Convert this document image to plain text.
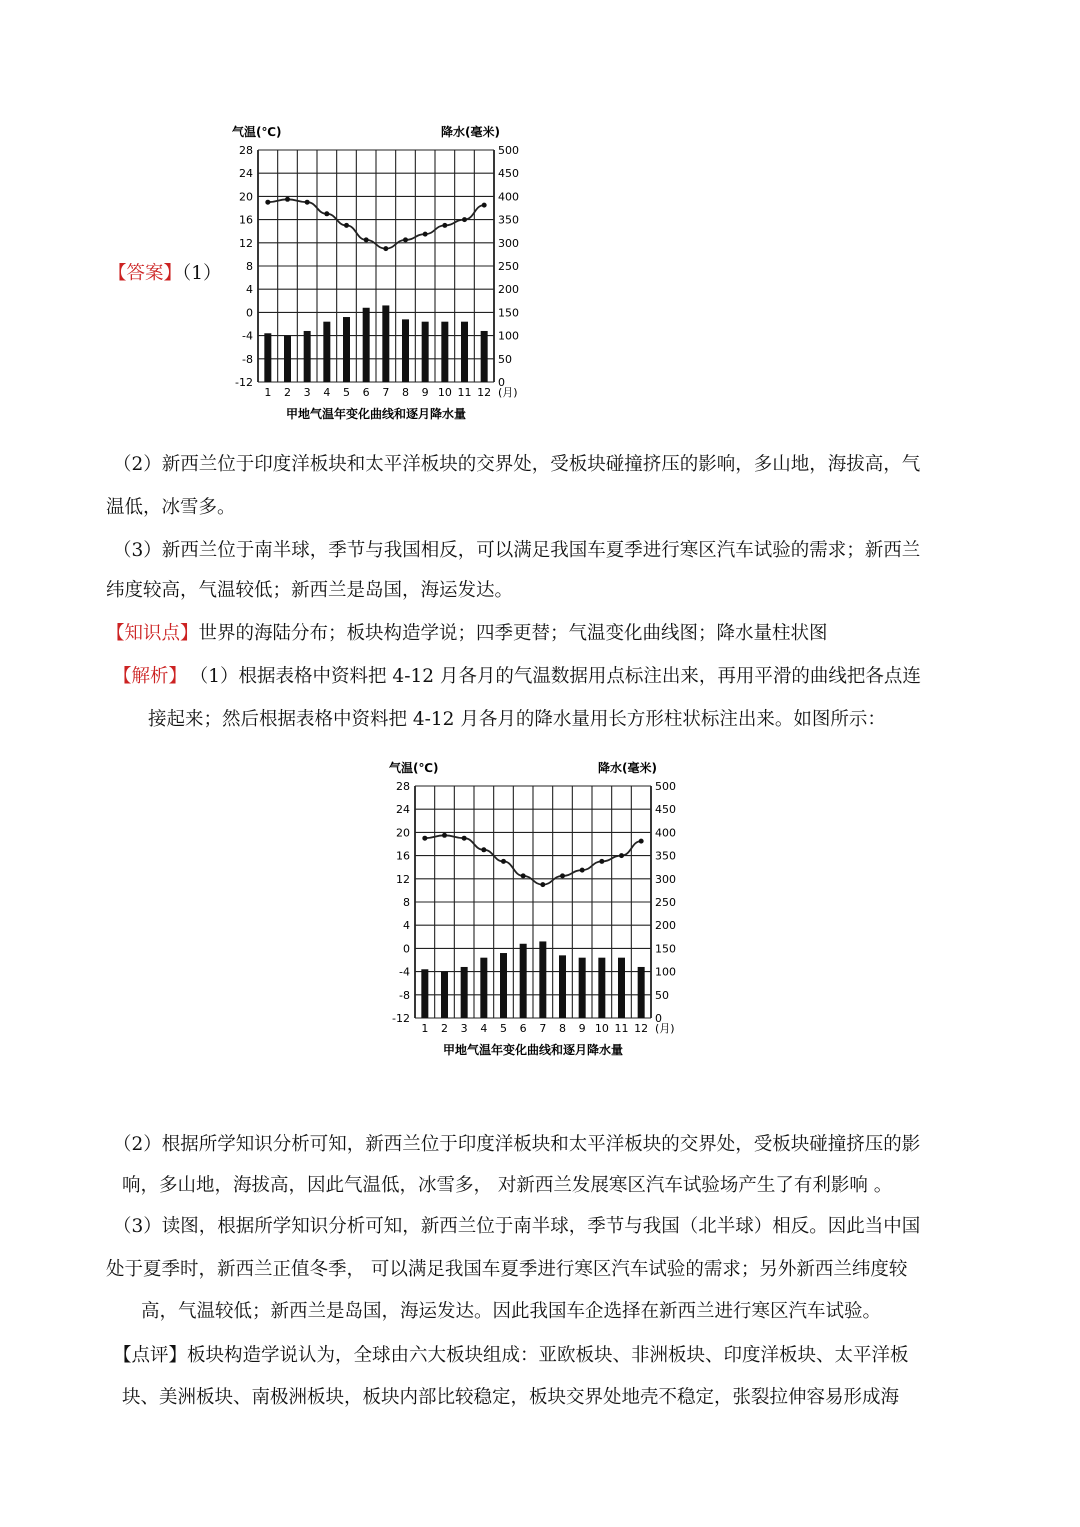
【答案】（1）
气温(℃)	降水(毫米)
28
24
20
16
12
8
4
0
-4
-8
-12
500
450
400
350
300
250
200
150
100
50
0
1 2 3 4 5 6 7 8 9 10 11 12 (月)
甲地气温年变化曲线和逐月降水量
（2）新西兰位于印度洋板块和太平洋板块的交界处，受板块碰撞挤压的影响，多山地，海拔高，气
温低，冰雪多。
（3）新西兰位于南半球，季节与我国相反，可以满足我国车夏季进行寒区汽车试验的需求；新西兰
纬度较高，气温较低；新西兰是岛国，海运发达。
【知识点】世界的海陆分布；板块构造学说；四季更替；气温变化曲线图；降水量柱状图
【解析】 （1）根据表格中资料把 4-12 月各月的气温数据用点标注出来，再用平滑的曲线把各点连
接起来；然后根据表格中资料把 4-12 月各月的降水量用长方形柱状标注出来。如图所示：
气温(℃)	降水(毫米)
28
24
20
16
12
8
4
0
-4
-8
-12
500
450
400
350
300
250
200
150
100
50
0
1 2 3 4 5 6 7 8 9 10 11 12 (月)
甲地气温年变化曲线和逐月降水量
（2）根据所学知识分析可知，新西兰位于印度洋板块和太平洋板块的交界处，受板块碰撞挤压的影
响，多山地，海拔高，因此气温低，冰雪多， 对新西兰发展寒区汽车试验场产生了有利影响 。
（3）读图，根据所学知识分析可知，新西兰位于南半球，季节与我国（北半球）相反。因此当中国
处于夏季时，新西兰正值冬季， 可以满足我国车夏季进行寒区汽车试验的需求；另外新西兰纬度较
高，气温较低；新西兰是岛国，海运发达。因此我国车企选择在新西兰进行寒区汽车试验。
【点评】板块构造学说认为，全球由六大板块组成：亚欧板块、非洲板块、印度洋板块、太平洋板
块、美洲板块、南极洲板块，板块内部比较稳定，板块交界处地壳不稳定，张裂拉伸容易形成海
